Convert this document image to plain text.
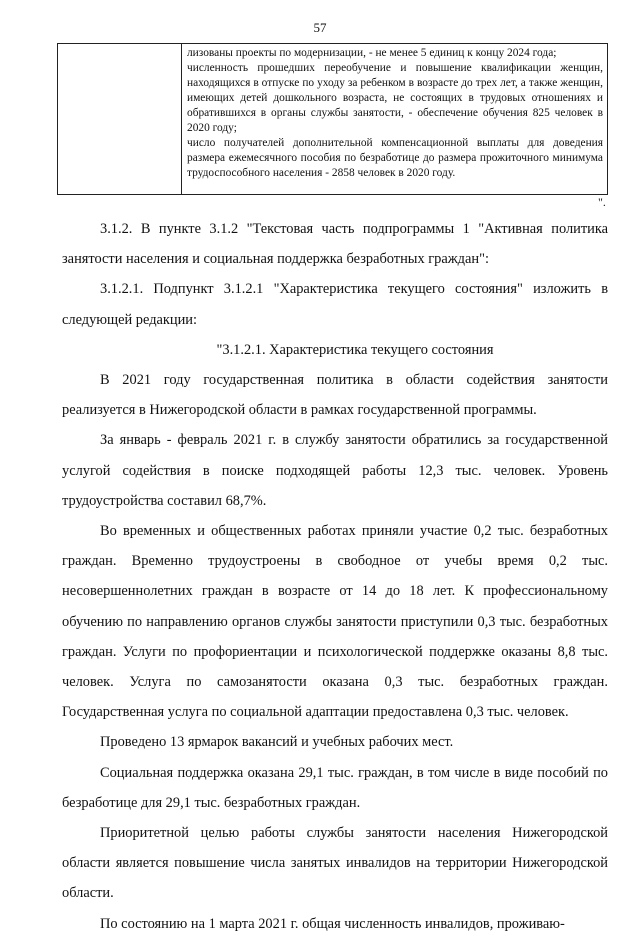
57

лизованы проекты по модернизации, - не менее 5 единиц к концу 2024 года;

численность прошедших переобучение и повышение квалификации женщин, находящихся в отпуске по уходу за ребенком в возрасте до трех лет, а также женщин, имеющих детей дошкольного возраста, не состоящих в трудовых отношениях и обратившихся в органы службы занятости, - обеспечение обучения 825 человек в 2020 году;

число получателей дополнительной компенсационной выплаты для доведения размера ежемесячного пособия по безработице до размера прожиточного минимума трудоспособного населения - 2858 человек в 2020 году.

".

3.1.2. В пункте 3.1.2 "Текстовая часть подпрограммы 1 "Активная политика занятости населения и социальная поддержка безработных граждан":

3.1.2.1. Подпункт 3.1.2.1 "Характеристика текущего состояния" изложить в следующей редакции:

"3.1.2.1. Характеристика текущего состояния

В 2021 году государственная политика в области содействия занятости реализуется в Нижегородской области в рамках государственной программы.

За январь - февраль 2021 г. в службу занятости обратились за государственной услугой содействия в поиске подходящей работы 12,3 тыс. человек. Уровень трудоустройства составил 68,7%.

Во временных и общественных работах приняли участие 0,2 тыс. безработных граждан. Временно трудоустроены в свободное от учебы время 0,2 тыс. несовершеннолетних граждан в возрасте от 14 до 18 лет. К профессиональному обучению по направлению органов службы занятости приступили 0,3 тыс. безработных граждан. Услуги по профориентации и психологической поддержке оказаны 8,8 тыс. человек. Услуга по самозанятости оказана 0,3 тыс. безработных граждан. Государственная услуга по социальной адаптации предоставлена 0,3 тыс. человек.

Проведено 13 ярмарок вакансий и учебных рабочих мест.

Социальная поддержка оказана 29,1 тыс. граждан, в том числе в виде пособий по безработице для 29,1 тыс. безработных граждан.

Приоритетной целью работы службы занятости населения Нижегородской области является повышение числа занятых инвалидов на территории Нижегородской области.

По состоянию на 1 марта 2021 г. общая численность инвалидов, проживаю-
